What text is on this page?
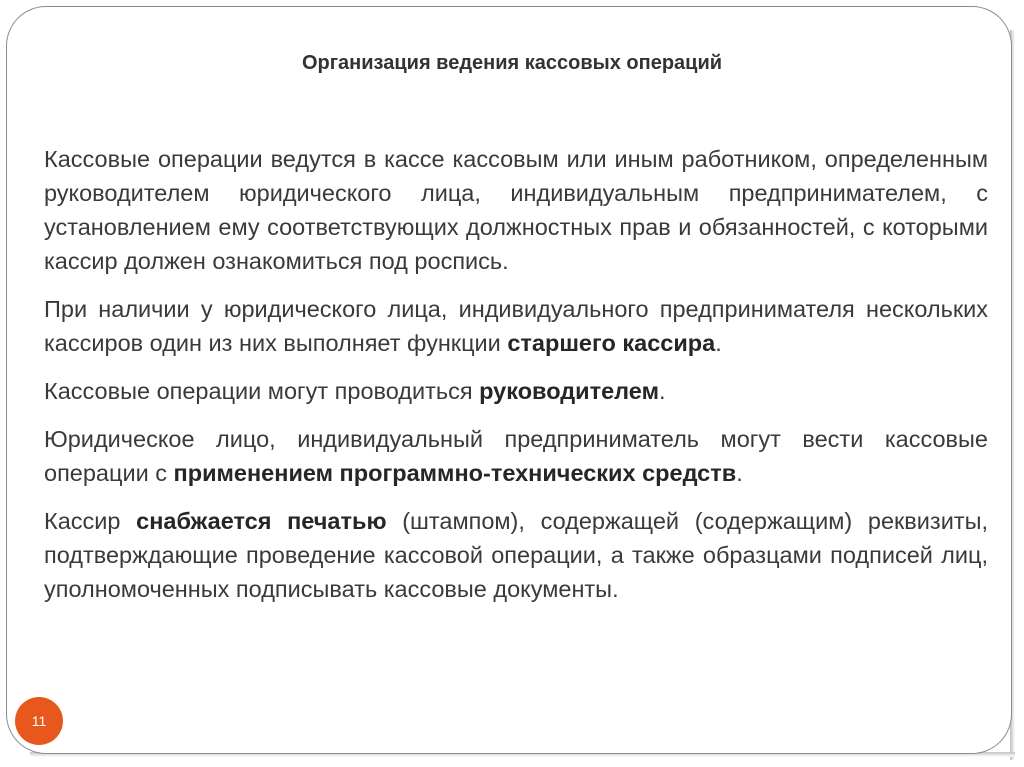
Организация ведения кассовых операций

Кассовые операции ведутся в кассе кассовым или иным работником, определенным руководителем юридического лица, индивидуальным предпринимателем, с установлением ему соответствующих должностных прав и обязанностей, с которыми кассир должен ознакомиться под роспись.

При наличии у юридического лица, индивидуального предпринимателя нескольких кассиров один из них выполняет функции старшего кассира.

Кассовые операции могут проводиться руководителем.

Юридическое лицо, индивидуальный предприниматель могут вести кассовые операции с применением программно-технических средств.

Кассир снабжается печатью (штампом), содержащей (содержащим) реквизиты, подтверждающие проведение кассовой операции, а также образцами подписей лиц, уполномоченных подписывать кассовые документы.

11
